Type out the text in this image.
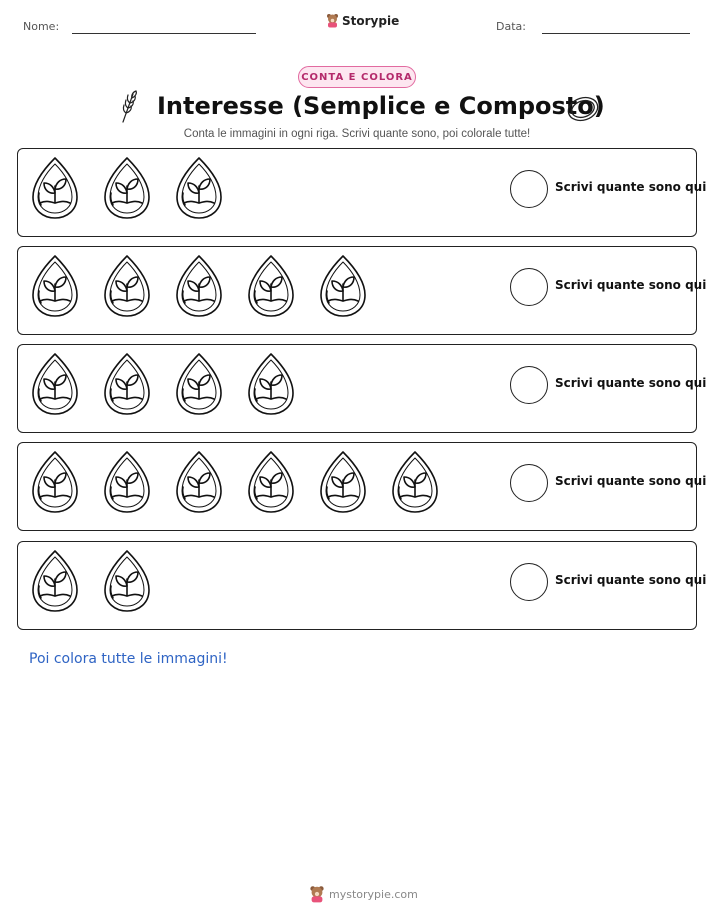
Nome:	Storypie	Data:
CONTA E COLORA
Interesse (Semplice e Composto)
Conta le immagini in ogni riga. Scrivi quante sono, poi colorale tutte!
Scrivi quante sono qui
Scrivi quante sono qui
Scrivi quante sono qui
Scrivi quante sono qui
Scrivi quante sono qui
Poi colora tutte le immagini!
mystorypie.com
